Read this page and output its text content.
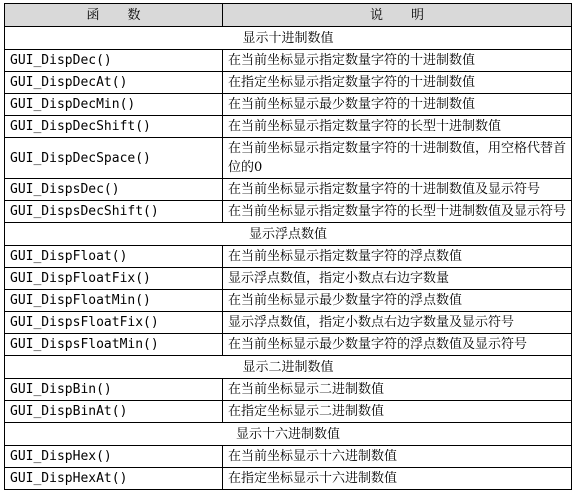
函数	说明
显示十进制数值	
GUI_DispDec()	在当前坐标显示指定数量字符的十进制数值
GUI_DispDecAt()	在指定坐标显示指定数量字符的十进制数值
GUI_DispDecMin()	在当前坐标显示最少数量字符的十进制数值
GUI_DispDecShift()	在当前坐标显示指定数量字符的长型十进制数值
GUI_DispDecSpace()	在当前坐标显示指定数量字符的十进制数值，用空格代替首位的0
GUI_DispsDec()	在当前坐标显示指定数量字符的十进制数值及显示符号
GUI_DispsDecShift()	在当前坐标显示指定数量字符的长型十进制数值及显示符号
显示浮点数值	
GUI_DispFloat()	在当前坐标显示指定数量字符的浮点数值
GUI_DispFloatFix()	显示浮点数值，指定小数点右边字数量
GUI_DispFloatMin()	在当前坐标显示最少数量字符的浮点数值
GUI_DispsFloatFix()	显示浮点数值，指定小数点右边字数量及显示符号
GUI_DispsFloatMin()	在当前坐标显示最少数量字符的浮点数值及显示符号
显示二进制数值	
GUI_DispBin()	在当前坐标显示二进制数值
GUI_DispBinAt()	在指定坐标显示二进制数值
显示十六进制数值	
GUI_DispHex()	在当前坐标显示十六进制数值
GUI_DispHexAt()	在指定坐标显示十六进制数值
